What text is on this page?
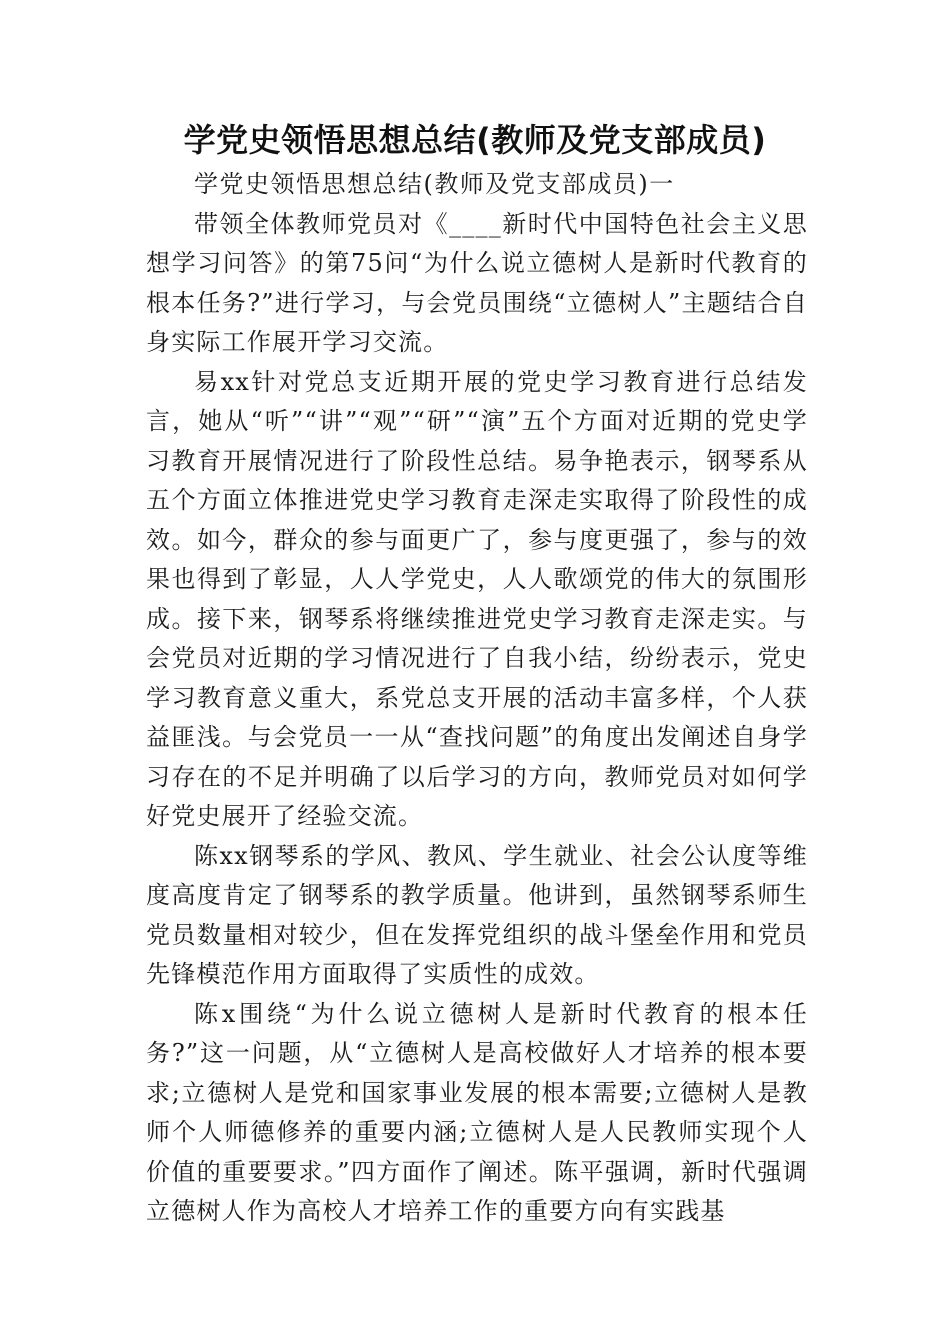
学党史领悟思想总结(教师及党支部成员)

学党史领悟思想总结(教师及党支部成员)一

带领全体教师党员对《____新时代中国特色社会主义思想学习问答》的第75问“为什么说立德树人是新时代教育的根本任务?”进行学习，与会党员围绕“立德树人”主题结合自身实际工作展开学习交流。

易xx针对党总支近期开展的党史学习教育进行总结发言，她从“听”“讲”“观”“研”“演”五个方面对近期的党史学习教育开展情况进行了阶段性总结。易争艳表示，钢琴系从五个方面立体推进党史学习教育走深走实取得了阶段性的成效。如今，群众的参与面更广了，参与度更强了，参与的效果也得到了彰显，人人学党史，人人歌颂党的伟大的氛围形成。接下来，钢琴系将继续推进党史学习教育走深走实。与会党员对近期的学习情况进行了自我小结，纷纷表示，党史学习教育意义重大，系党总支开展的活动丰富多样，个人获益匪浅。与会党员一一从“查找问题”的角度出发阐述自身学习存在的不足并明确了以后学习的方向，教师党员对如何学好党史展开了经验交流。

陈xx钢琴系的学风、教风、学生就业、社会公认度等维度高度肯定了钢琴系的教学质量。他讲到，虽然钢琴系师生党员数量相对较少，但在发挥党组织的战斗堡垒作用和党员先锋模范作用方面取得了实质性的成效。

陈x围绕“为什么说立德树人是新时代教育的根本任务?”这一问题，从“立德树人是高校做好人才培养的根本要求;立德树人是党和国家事业发展的根本需要;立德树人是教师个人师德修养的重要内涵;立德树人是人民教师实现个人价值的重要要求。”四方面作了阐述。陈平强调，新时代强调立德树人作为高校人才培养工作的重要方向有实践基
